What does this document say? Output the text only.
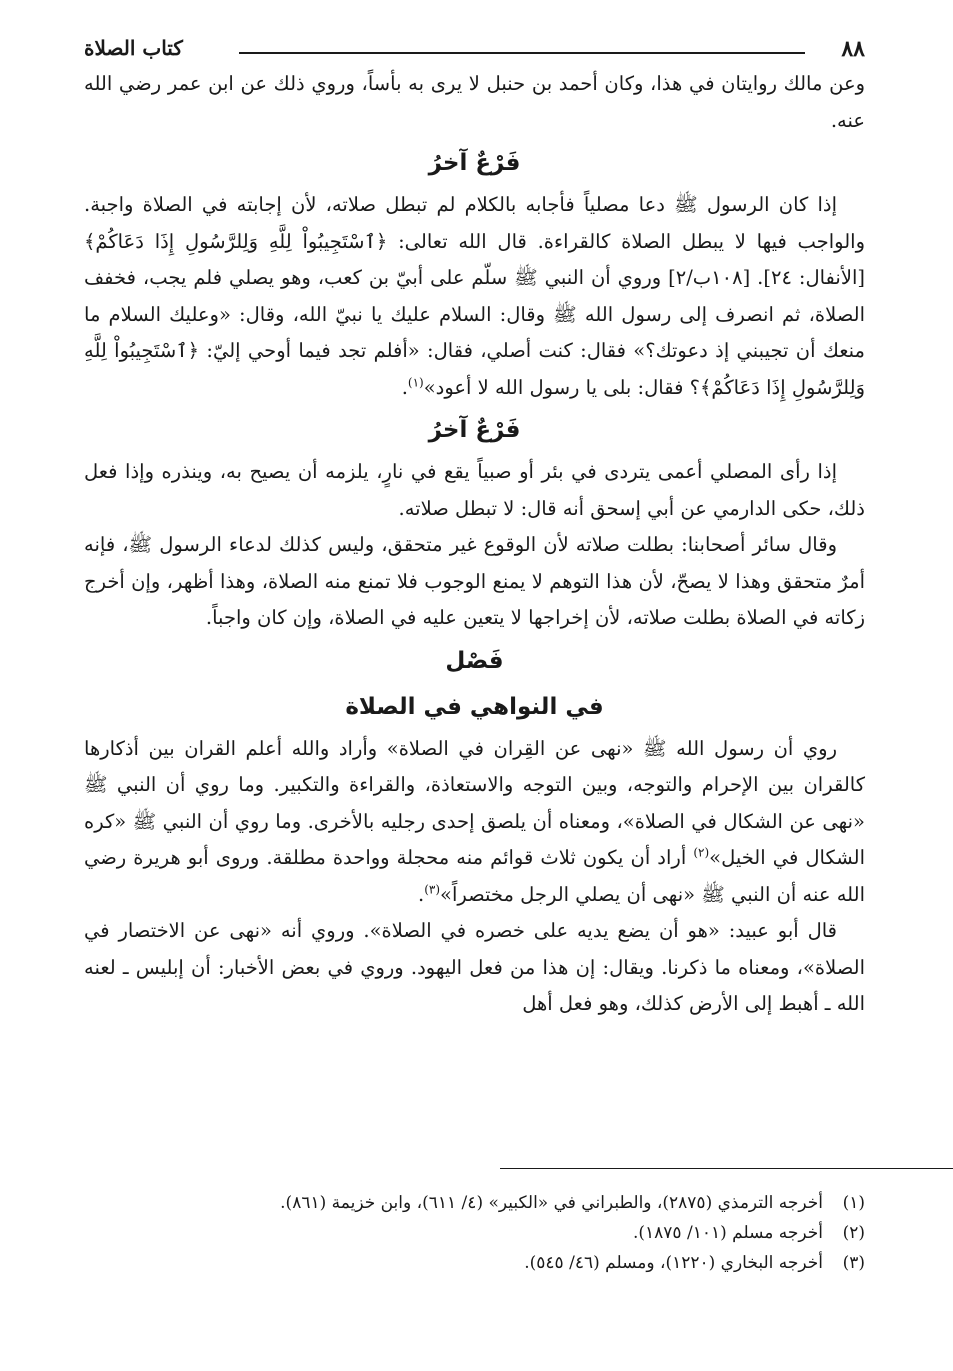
٨٨
كتاب الصلاة

وعن مالك روايتان في هذا، وكان أحمد بن حنبل لا يرى به بأساً، وروي ذلك عن ابن عمر رضي الله عنه.

فَرْعٌ آخرُ

إذا كان الرسول ﷺ دعا مصلياً فأجابه بالكلام لم تبطل صلاته، لأن إجابته في الصلاة واجبة. والواجب فيها لا يبطل الصلاة كالقراءة. قال الله تعالى: ﴿ٱسْتَجِيبُواْ لِلَّهِ وَلِلرَّسُولِ إِذَا دَعَاكُمْ﴾ [الأنفال: ٢٤]. [١٠٨ب/٢] وروي أن النبي ﷺ سلّم على أبيّ بن كعب، وهو يصلي فلم يجب، فخفف الصلاة، ثم انصرف إلى رسول الله ﷺ وقال: السلام عليك يا نبيّ الله، وقال: «وعليك السلام ما منعك أن تجيبني إذ دعوتك؟» فقال: كنت أصلي، فقال: «أفلم تجد فيما أوحي إليّ: ﴿ٱسْتَجِيبُواْ لِلَّهِ وَلِلرَّسُولِ إِذَا دَعَاكُمْ﴾؟ فقال: بلى يا رسول الله لا أعود»$^{(١)}$.

فَرْعٌ آخرُ

إذا رأى المصلي أعمى يتردى في بئر أو صبياً يقع في نارٍ، يلزمه أن يصيح به، وينذره وإذا فعل ذلك، حكى الدارمي عن أبي إسحق أنه قال: لا تبطل صلاته.

وقال سائر أصحابنا: بطلت صلاته لأن الوقوع غير متحقق، وليس كذلك لدعاء الرسول ﷺ، فإنه أمرٌ متحقق وهذا لا يصحّ، لأن هذا التوهم لا يمنع الوجوب فلا تمنع منه الصلاة، وهذا أظهر، وإن أخرج زكاته في الصلاة بطلت صلاته، لأن إخراجها لا يتعين عليه في الصلاة، وإن كان واجباً.

فَصْل
في النواهي في الصلاة

روي أن رسول الله ﷺ «نهى عن القِران في الصلاة» وأراد والله أعلم القران بين أذكارها كالقران بين الإحرام والتوجه، وبين التوجه والاستعاذة، والقراءة والتكبير. وما روي أن النبي ﷺ «نهى عن الشكال في الصلاة»، ومعناه أن يلصق إحدى رجليه بالأخرى. وما روي أن النبي ﷺ «كره الشكال في الخيل»$^{(٢)}$ أراد أن يكون ثلاث قوائم منه محجلة وواحدة مطلقة. وروى أبو هريرة رضي الله عنه أن النبي ﷺ «نهى أن يصلي الرجل مختصراً»$^{(٣)}$.

قال أبو عبيد: «هو أن يضع يديه على خصره في الصلاة». وروي أنه «نهى عن الاختصار في الصلاة»، ومعناه ما ذكرنا. ويقال: إن هذا من فعل اليهود. وروي في بعض الأخبار: أن إبليس ـ لعنه الله ـ أهبط إلى الأرض كذلك، وهو فعل أهل

(١)
أخرجه الترمذي (٢٨٧٥)، والطبراني في «الكبير» (٤/ ٦١١)، وابن خزيمة (٨٦١).
(٢)
أخرجه مسلم (١٠١/ ١٨٧٥).
(٣)
أخرجه البخاري (١٢٢٠)، ومسلم (٤٦/ ٥٤٥).
